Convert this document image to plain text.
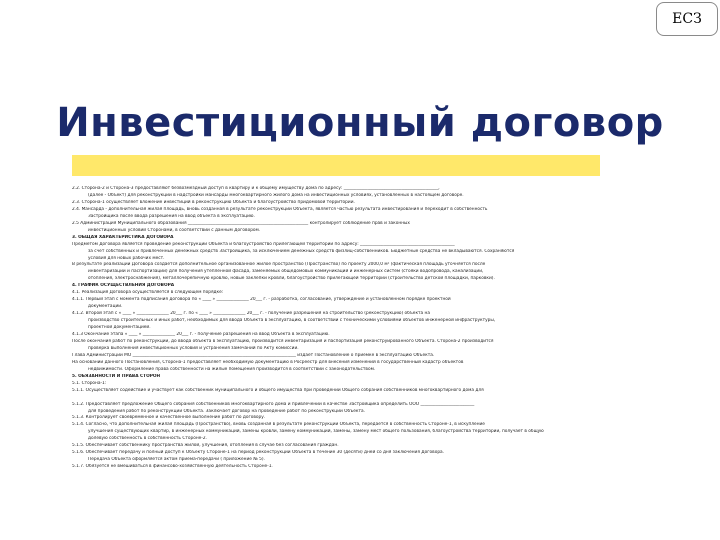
ЕСЗ
Инвестиционный договор
2.2. Сторона-2 и Сторона-3 предоставляют безвозмездный доступ в квартиру и к общему имуществу дома по адресу: ____________________________________________,
(далее - Объект) для реконструкции в надстройки мансарды многоквартирного жилого дома на инвестиционных условиях, установленных в настоящем договоре.
2.3. Сторона-1 осуществляет вложение инвестиций в реконструкцию Объекта и благоустройство придомовой территории.
2.4. Мансарда - дополнительная жилая площадь, вновь созданная в результате реконструкции Объекта, является частью результата инвестирования и переходит в собственность
Застройщика после ввода разрешения на ввод объекта в эксплуатацию.
2.5 Администрация Муниципального образования ________________________________________________________ контролирует соблюдение прав и законных
инвестиционных условий Сторонами, в соответствии с данным Договором.
3. ОБЩАЯ ХАРАКТЕРИСТИКА ДОГОВОРА
Предметом Договора является проведение реконструкции Объекта и благоустройство прилегающей территории по адресу: ____________________________________________
за счет собственных и привлеченных денежных средств Застройщика, за исключением денежных средств физлиц-собственников. Бюджетные средства не вкладываются. Сохраняются
условия для новых рабочих мест.
В результате реализации Договора создается дополнительное организованное жилое пространство (Пространство) по проекту 2000,0 м² (фактическая площадь уточняется после
инвентаризации и паспортизации) для получения утепленной фасада, заменяемых общедомовых коммуникаций и инженерных систем (стояки водопровода, канализации,
отопления, электроснабжения), металлочерепичную кровлю, новые заклепки кровли, благоустройство прилегающей территории (строительство детской площадки, парковки).
4. ГРАФИК ОСУЩЕСТВЛЕНИЯ ДОГОВОРА
4.1. Реализация Договора осуществляется в следующем порядке:
4.1.1. Первый этап с момента подписания договора по « ____ » _______________ 20___ г. - разработка, согласование, утверждение и установленном порядке проектной
документации.
4.1.2. Второй этап с « ____ » _______________ 20___ г. по « ____ » _______________ 20___ г. - получение разрешения на строительство (реконструкцию) объекта на
производство строительных и иных работ, необходимых для ввода Объекта в эксплуатацию, в соответствии с техническими условиями объектов инженерной инфраструктуры,
проектной документацией.
4.1.3 Окончание этапа « ____ » _______________ 20___ г. - получение разрешения на ввод Объекта в эксплуатацию.
После окончания работ по реконструкции, до ввода объекта в эксплуатацию, производится инвентаризация и паспортизация реконструированного Объекта. Сторона-2 производится
проверка выполнения инвестиционных условий и устранения замечаний по Акту комиссии.
Глава Администрации МО ____________________________________________________________________________ издает Постановление о приемке в эксплуатацию Объекта.
На основании данного Постановления, Сторона-1 предоставляет необходимую документацию в Росреестр для внесения изменений в государственный кадастр объектов
недвижимости. Оформление права собственности на жилые помещения производится в соответствии с законодательством.
5. ОБЯЗАННОСТИ И ПРАВА СТОРОН
5.1. Сторона-1:
5.1.1. Осуществляет содействие и участвует как собственник муниципального и общего имущества при проведении Общего собрания собственников многоквартирного дома для

5.1.2. Предоставляет предложение Общего собрания собственников многоквартирного дома и привлечении в качестве Застройщика определить ООО _________________________
для проведения работ по реконструкции Объекта. Заключает договор на проведение работ по реконструкции Объекта.
5.1.3. Контролирует своевременное и качественное выполнение работ по договору.
5.1.4. Согласно, что дополнительная жилая площадь (Пространство), вновь созданная в результате реконструкции Объекта, передается в собственность Стороне-1, в искупление
улучшения существующих квартир, в инженерных коммуникаций, замены кровли, замену коммуникаций, замены, замену мест общего пользования, благоустройства территории, получает в общую
долевую собственность в собственность Стороне-2.
5.1.5. Обеспечивает собственнику пространства жилой, улучшения, отопления в случае без согласования граждан.
5.1.6. Обеспечивает передачу и полный доступ к Объекту Стороне-1 на период реконструкции Объекта в течение 30 (десяти) дней со дня заключения Договора.
Передача Объекта оформляется актом приема-передачи ( приложение № 5).
5.1.7. Обязуется не вмешиваться в финансово-хозяйственную деятельность Стороне-1.
